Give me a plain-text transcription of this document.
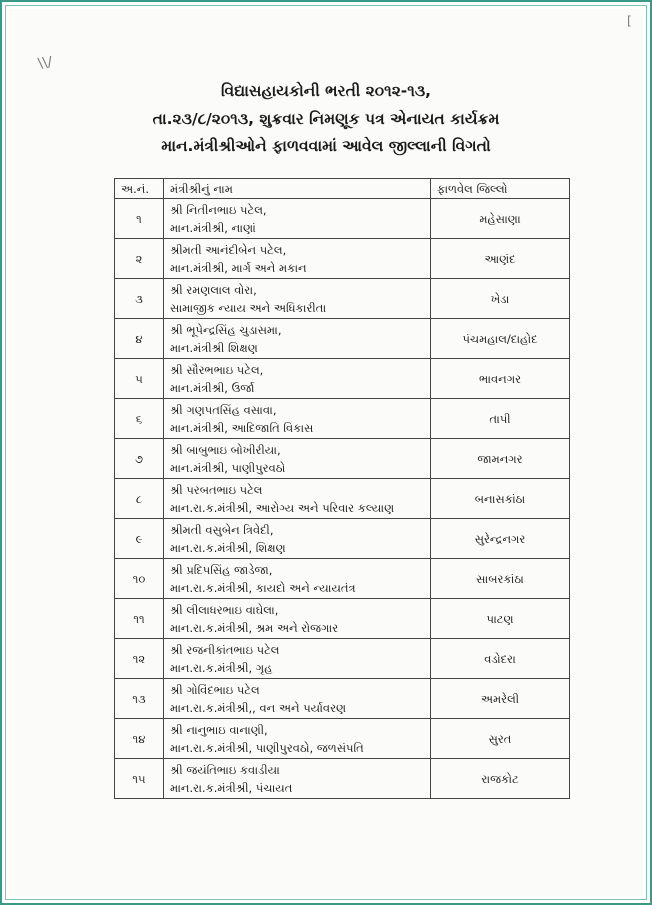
\\/
[
વિદ્યાસહાયકોની ભરતી ૨૦૧૨-૧૩,
તા.૨૩/૮/૨૦૧૩, શુક્રવાર નિમણૂક પત્ર એનાયત કાર્યક્રમ
માન.મંત્રીશ્રીઓને ફાળવવામાં આવેલ જીલ્લાની વિગતો
અ.નં.	મંત્રીશ્રીનું નામ	ફાળવેલ જિલ્લો
૧	શ્રી નિતીનભાઇ પટેલ,
માન.મંત્રીશ્રી, નાણાં	મહેસાણા
૨	શ્રીમતી આનંદીબેન પટેલ,
માન.મંત્રીશ્રી, માર્ગ અને મકાન	આણંદ
૩	શ્રી રમણલાલ વોરા,
સામાજીક ન્યાય અને અધિકારીતા	ખેડા
૪	શ્રી ભૂપેન્દ્રસિંહ ચુડાસમા,
માન.મંત્રીશ્રી શિક્ષણ	પંચમહાલ/દાહોદ
૫	શ્રી સૌરભભાઇ પટેલ,
માન.મંત્રીશ્રી, ઉર્જા	ભાવનગર
૬	શ્રી ગણપતસિંહ વસાવા,
માન.મંત્રીશ્રી, આદિજાતિ વિકાસ	તાપી
૭	શ્રી બાબુભાઇ બોખીરીયા,
માન.મંત્રીશ્રી, પાણીપુરવઠો	જામનગર
૮	શ્રી પરબતભાઇ પટેલ
માન.રા.ક.મંત્રીશ્રી, આરોગ્ય અને પરિવાર કલ્યાણ	બનાસકાંઠા
૯	શ્રીમતી વસુબેન ત્રિવેદી,
માન.રા.ક.મંત્રીશ્રી, શિક્ષણ	સુરેન્દ્રનગર
૧૦	શ્રી પ્રદિપસિંહ જાડેજા,
માન.રા.ક.મંત્રીશ્રી, કાયદો અને ન્યાયતંત્ર	સાબરકાંઠા
૧૧	શ્રી લીલાધરભાઇ વાઘેલા,
માન.રા.ક.મંત્રીશ્રી, શ્રમ અને રોજગાર	પાટણ
૧૨	શ્રી રજનીકાંતભાઇ પટેલ
માન.રા.ક.મંત્રીશ્રી, ગૃહ	વડોદરા
૧૩	શ્રી ગોવિંદભાઇ પટેલ
માન.રા.ક.મંત્રીશ્રી,, વન અને પર્યાવરણ	અમરેલી
૧૪	શ્રી નાનુભાઇ વાનાણી,
માન.રા.ક.મંત્રીશ્રી, પાણીપુરવઠો, જળસંપતિ	સુરત
૧૫	શ્રી જયંતિભાઇ કવાડીયા
માન.રા.ક.મંત્રીશ્રી, પંચાયત	રાજકોટ
